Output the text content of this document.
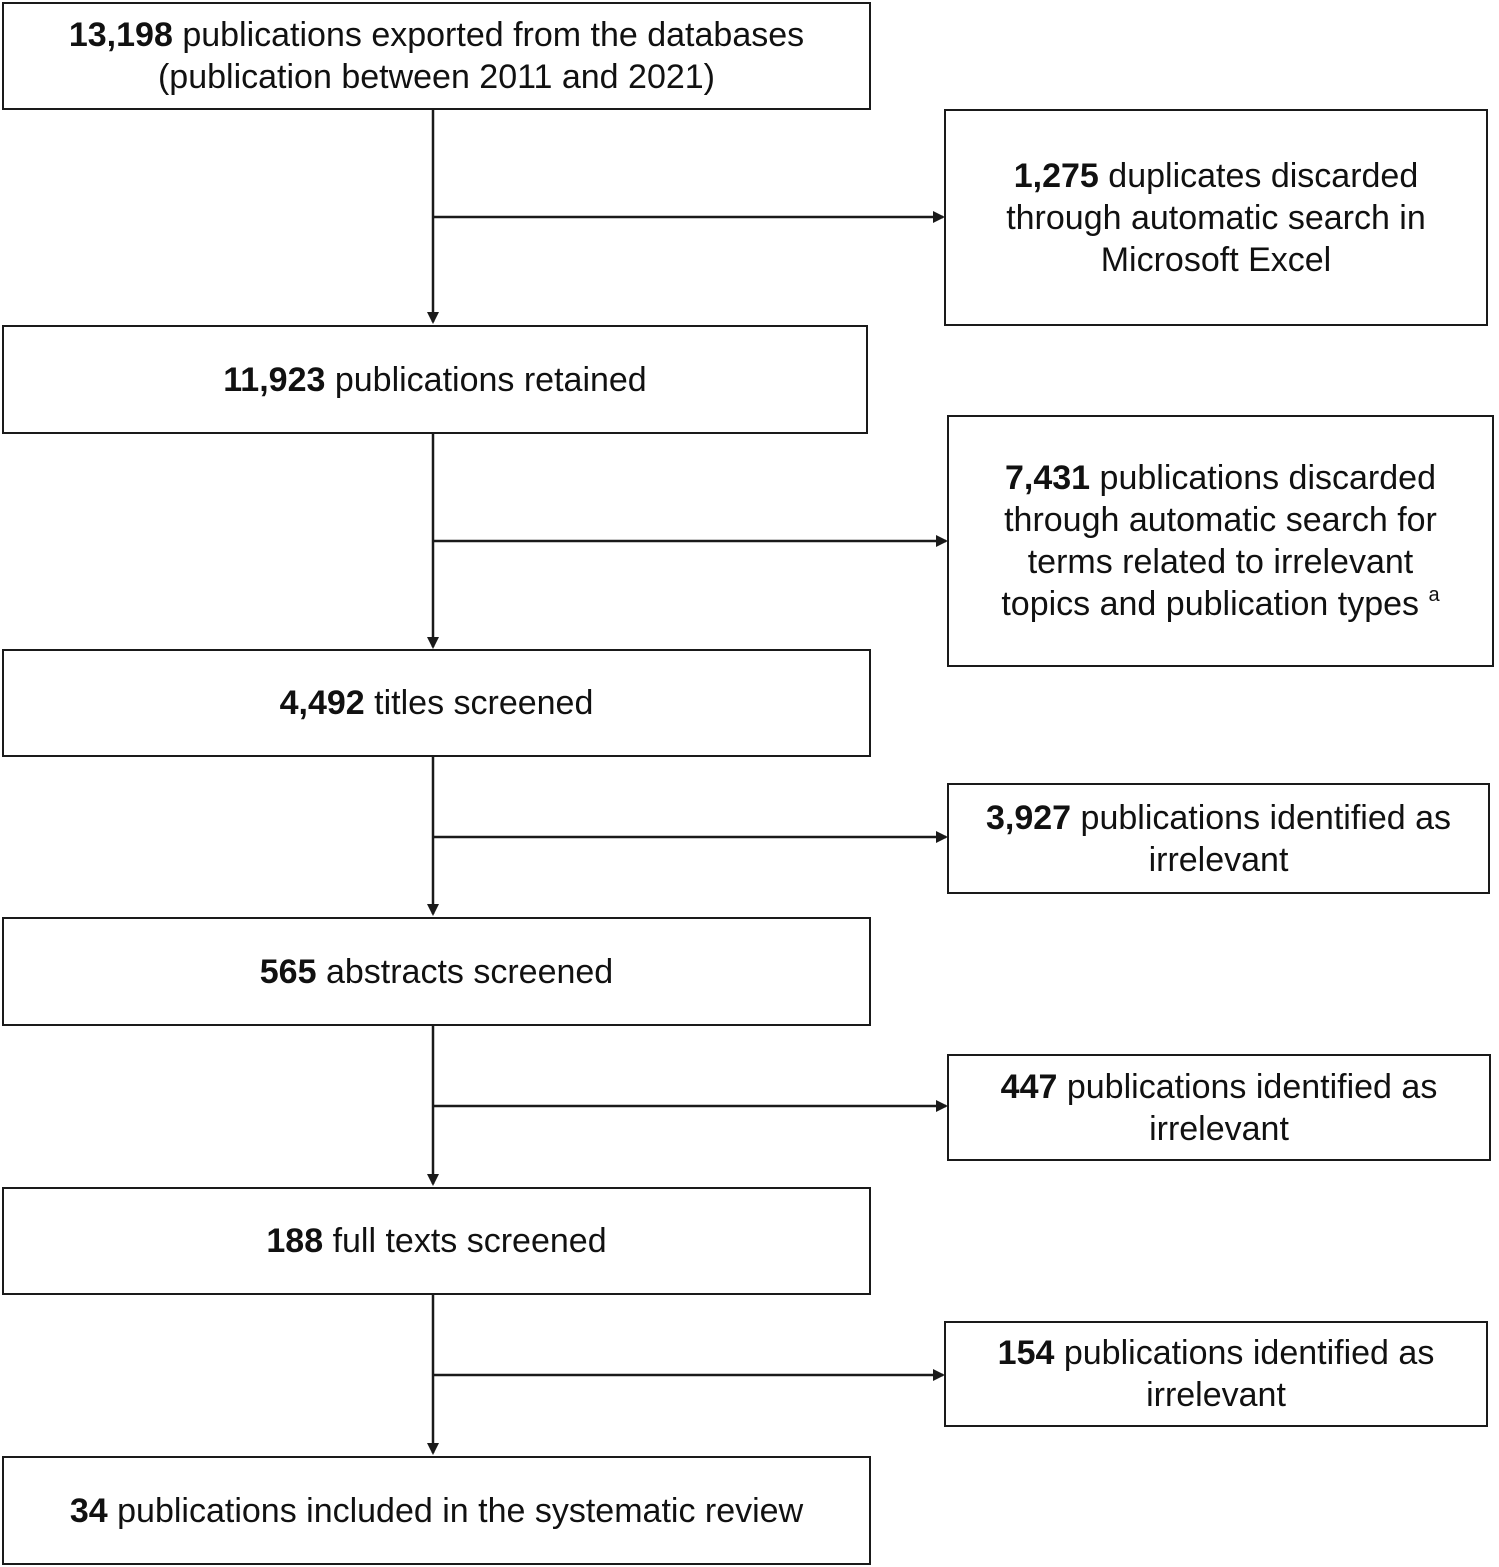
13,198 publications exported from the databases
(publication between 2011 and 2021)
11,923 publications retained
4,492 titles screened
565 abstracts screened
188 full texts screened
34 publications included in the systematic review
1,275 duplicates discarded
through automatic search in
Microsoft Excel
7,431 publications discarded
through automatic search for
terms related to irrelevant
topics and publication types $^a$
3,927 publications identified as
irrelevant
447 publications identified as
irrelevant
154 publications identified as
irrelevant
